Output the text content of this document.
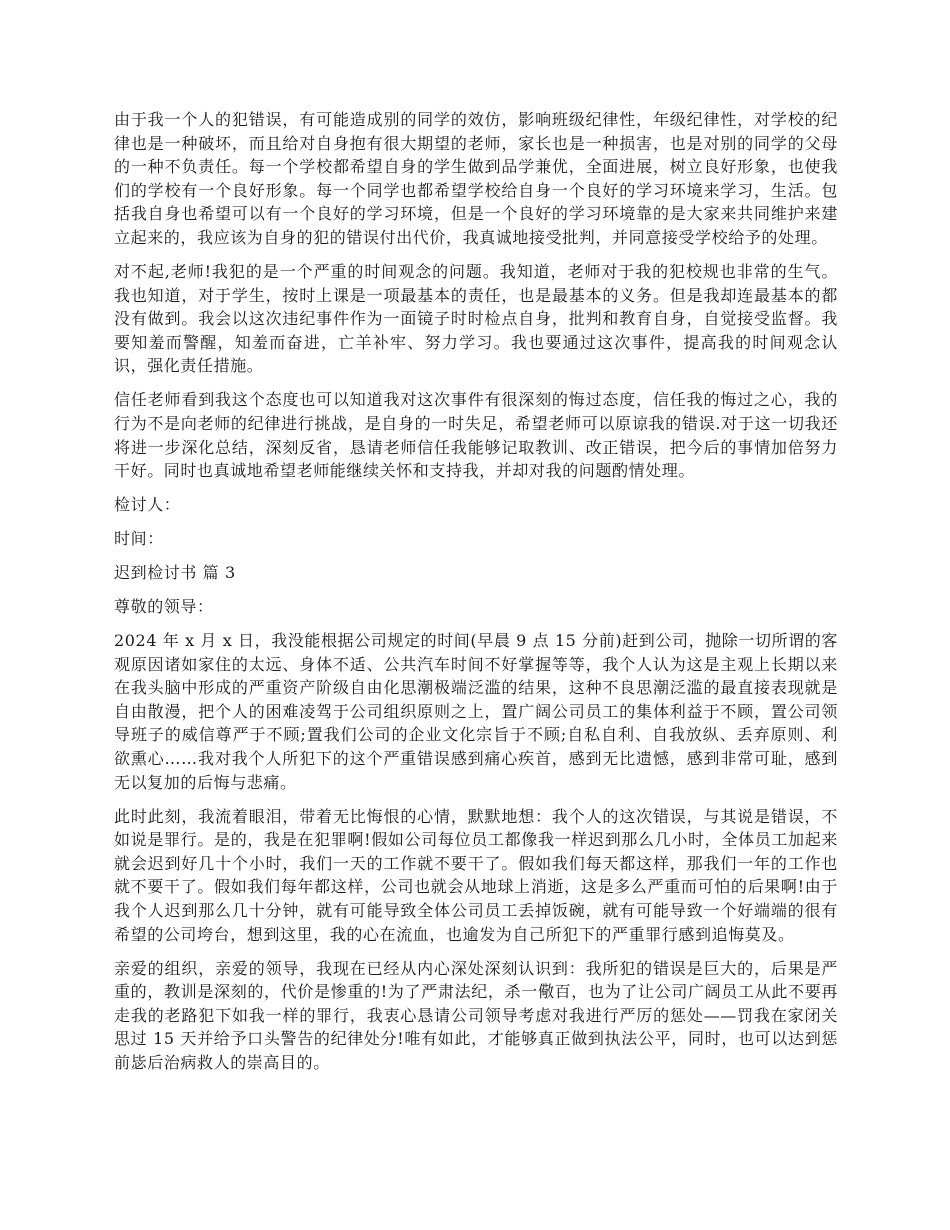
由于我一个人的犯错误，有可能造成别的同学的效仿，影响班级纪律性，年级纪律性，对学校的纪律也是一种破坏，而且给对自身抱有很大期望的老师，家长也是一种损害，也是对别的同学的父母的一种不负责任。每一个学校都希望自身的学生做到品学兼优，全面进展，树立良好形象，也使我们的学校有一个良好形象。每一个同学也都希望学校给自身一个良好的学习环境来学习，生活。包括我自身也希望可以有一个良好的学习环境，但是一个良好的学习环境靠的是大家来共同维护来建立起来的，我应该为自身的犯的错误付出代价，我真诚地接受批判，并同意接受学校给予的处理。

对不起,老师!我犯的是一个严重的时间观念的问题。我知道，老师对于我的犯校规也非常的生气。我也知道，对于学生，按时上课是一项最基本的责任，也是最基本的义务。但是我却连最基本的都没有做到。我会以这次违纪事件作为一面镜子时时检点自身，批判和教育自身，自觉接受监督。我要知羞而警醒，知羞而奋进，亡羊补牢、努力学习。我也要通过这次事件，提高我的时间观念认识，强化责任措施。

信任老师看到我这个态度也可以知道我对这次事件有很深刻的悔过态度，信任我的悔过之心，我的行为不是向老师的纪律进行挑战，是自身的一时失足，希望老师可以原谅我的错误.对于这一切我还将进一步深化总结，深刻反省，恳请老师信任我能够记取教训、改正错误，把今后的事情加倍努力干好。同时也真诚地希望老师能继续关怀和支持我，并却对我的问题酌情处理。

检讨人：

时间：

迟到检讨书 篇 3

尊敬的领导：

2024 年 x 月 x 日，我没能根据公司规定的时间(早晨 9 点 15 分前)赶到公司，抛除一切所谓的客观原因诸如家住的太远、身体不适、公共汽车时间不好掌握等等，我个人认为这是主观上长期以来在我头脑中形成的严重资产阶级自由化思潮极端泛滥的结果，这种不良思潮泛滥的最直接表现就是自由散漫，把个人的困难凌驾于公司组织原则之上，置广阔公司员工的集体利益于不顾，置公司领导班子的威信尊严于不顾;置我们公司的企业文化宗旨于不顾;自私自利、自我放纵、丢弃原则、利欲熏心……我对我个人所犯下的这个严重错误感到痛心疾首，感到无比遗憾，感到非常可耻，感到无以复加的后悔与悲痛。

此时此刻，我流着眼泪，带着无比悔恨的心情，默默地想：我个人的这次错误，与其说是错误，不如说是罪行。是的，我是在犯罪啊!假如公司每位员工都像我一样迟到那么几小时，全体员工加起来就会迟到好几十个小时，我们一天的工作就不要干了。假如我们每天都这样，那我们一年的工作也就不要干了。假如我们每年都这样，公司也就会从地球上消逝，这是多么严重而可怕的后果啊!由于我个人迟到那么几十分钟，就有可能导致全体公司员工丢掉饭碗，就有可能导致一个好端端的很有希望的公司垮台，想到这里，我的心在流血，也逾发为自己所犯下的严重罪行感到追悔莫及。

亲爱的组织，亲爱的领导，我现在已经从内心深处深刻认识到：我所犯的错误是巨大的，后果是严重的，教训是深刻的，代价是惨重的!为了严肃法纪，杀一儆百，也为了让公司广阔员工从此不要再走我的老路犯下如我一样的罪行，我衷心恳请公司领导考虑对我进行严厉的惩处——罚我在家闭关思过 15 天并给予口头警告的纪律处分!唯有如此，才能够真正做到执法公平，同时，也可以达到惩前毖后治病救人的崇高目的。
